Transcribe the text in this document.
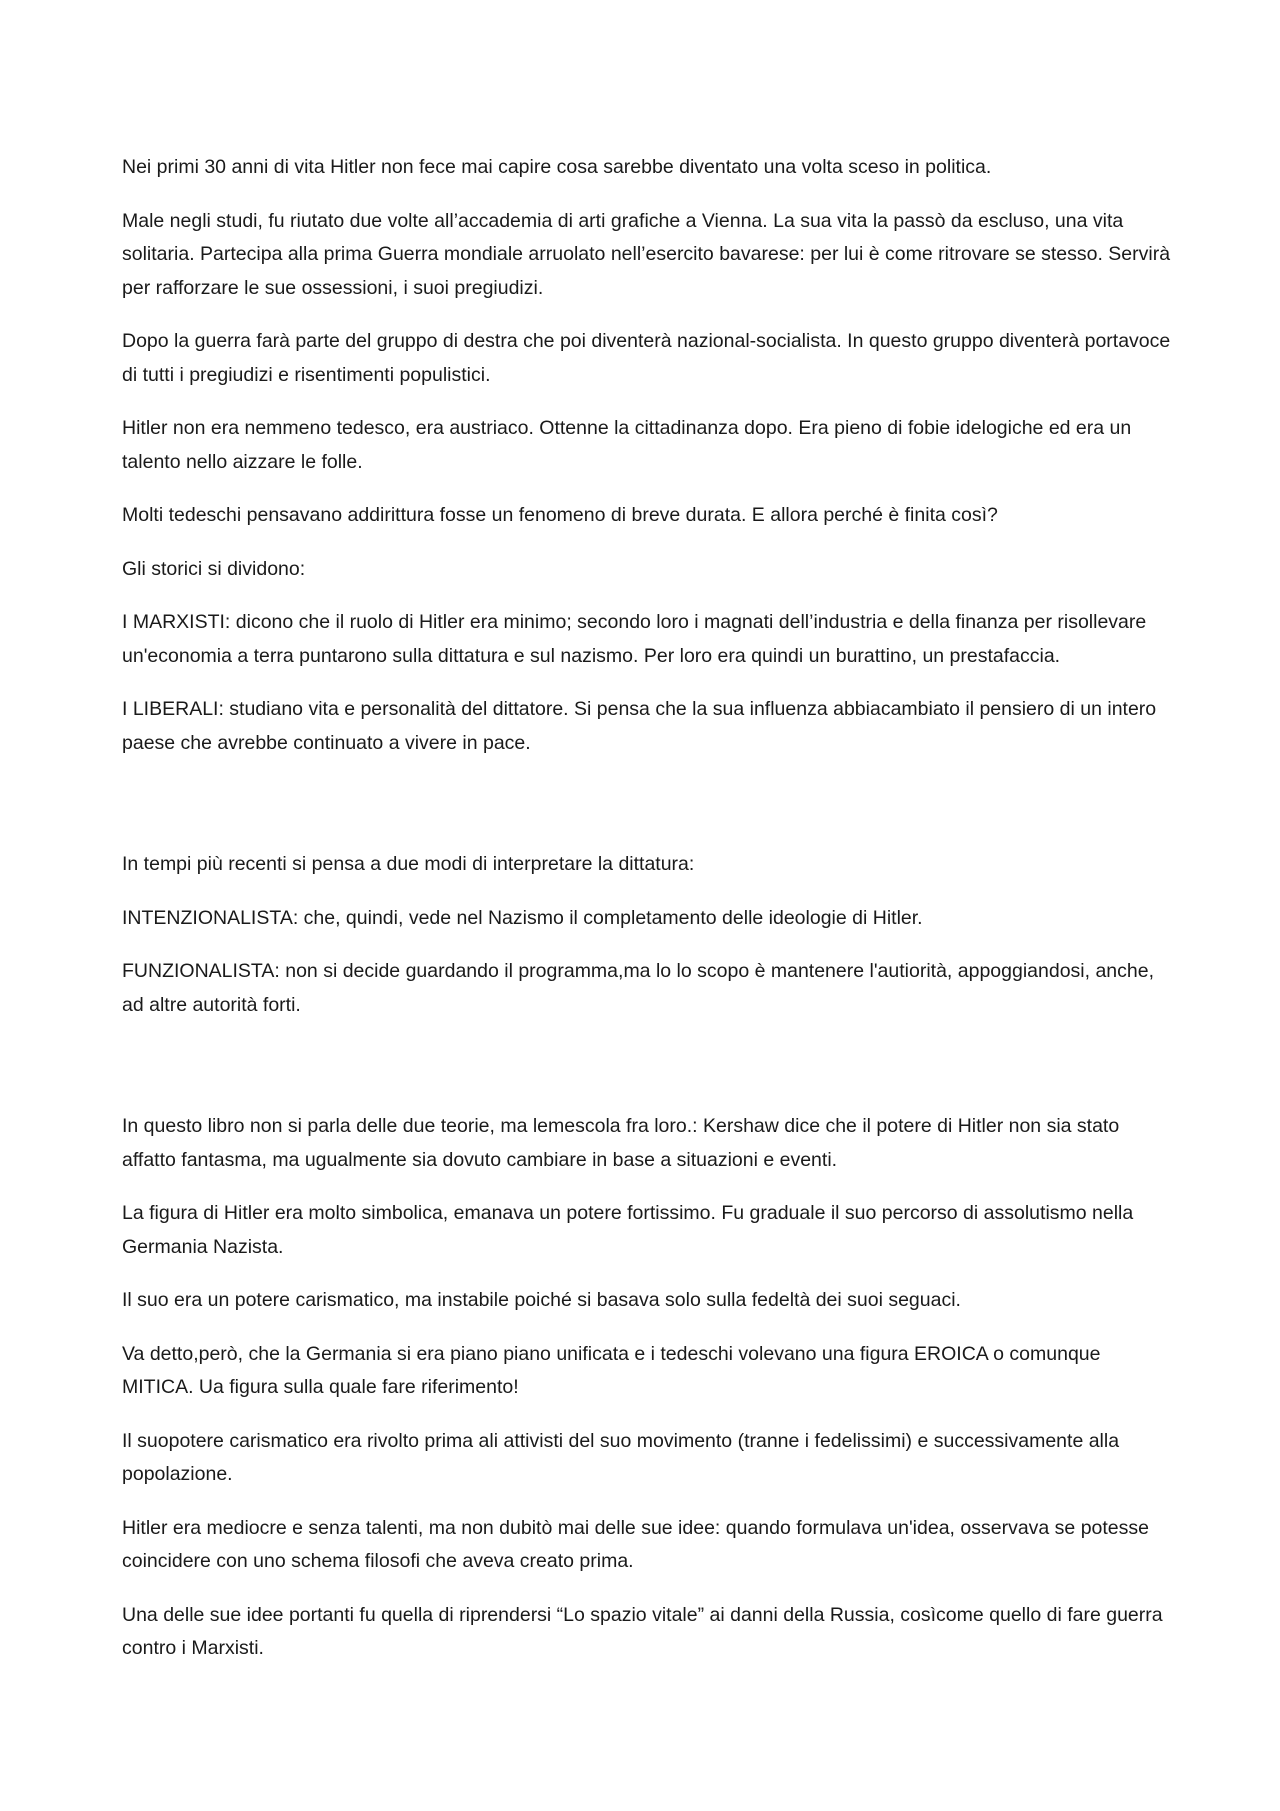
Nei primi 30 anni di vita Hitler non fece mai capire cosa sarebbe diventato una volta sceso in politica.

Male negli studi, fu riutato due volte all’accademia di arti grafiche a Vienna. La sua vita la passò da escluso, una vita solitaria. Partecipa alla prima Guerra mondiale arruolato nell’esercito bavarese: per lui è come ritrovare se stesso. Servirà per rafforzare le sue ossessioni, i suoi pregiudizi.

Dopo la guerra farà parte del gruppo di destra che poi diventerà nazional-socialista. In questo gruppo diventerà portavoce di tutti i pregiudizi e risentimenti populistici.

Hitler non era nemmeno tedesco, era austriaco. Ottenne la cittadinanza dopo. Era pieno di fobie idelogiche ed era un talento nello aizzare le folle.

Molti tedeschi pensavano addirittura fosse un fenomeno di breve durata. E allora perché è finita così?

Gli storici si dividono:

I MARXISTI: dicono che il ruolo di Hitler era minimo; secondo loro i magnati dell’industria e della finanza per risollevare un'economia a terra puntarono sulla dittatura e sul nazismo. Per loro era quindi un burattino, un prestafaccia.

I LIBERALI: studiano vita e personalità del dittatore. Si pensa che la sua influenza abbiacambiato il pensiero di un intero paese che avrebbe continuato a vivere in pace.

In tempi più recenti si pensa a due modi di interpretare la dittatura:

INTENZIONALISTA: che, quindi, vede nel Nazismo il completamento delle ideologie di Hitler.

FUNZIONALISTA: non si decide guardando il programma,ma lo lo scopo è mantenere l'autiorità, appoggiandosi, anche, ad altre autorità forti.

In questo libro non si parla delle due teorie, ma lemescola fra loro.: Kershaw dice che il potere di Hitler non sia stato affatto fantasma, ma ugualmente sia dovuto cambiare in base a situazioni e eventi.

La figura di Hitler era molto simbolica, emanava un potere fortissimo. Fu graduale il suo percorso di assolutismo nella Germania Nazista.

Il suo era un potere carismatico, ma instabile poiché si basava solo sulla fedeltà dei suoi seguaci.

Va detto,però, che la Germania si era piano piano unificata e i tedeschi volevano una figura EROICA o comunque MITICA. Ua figura sulla quale fare riferimento!

Il suopotere carismatico era rivolto prima ali attivisti del suo movimento (tranne i fedelissimi) e successivamente alla popolazione.

Hitler era mediocre e senza talenti, ma non dubitò mai delle sue idee: quando formulava un'idea, osservava se potesse coincidere con uno schema filosofi che aveva creato prima.

Una delle sue idee portanti fu quella di riprendersi “Lo spazio vitale” ai danni della Russia, cosìcome quello di fare guerra contro i Marxisti.
